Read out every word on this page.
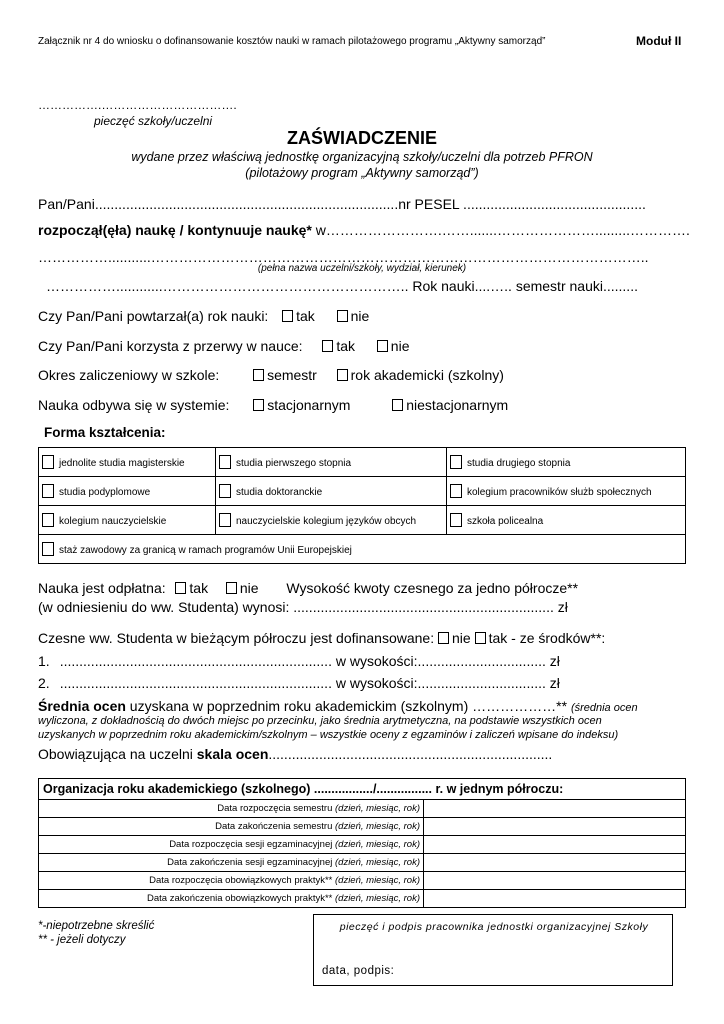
Załącznik nr 4 do wniosku o dofinansowanie kosztów nauki w ramach pilotażowego programu „Aktywny samorząd”	Moduł II
…………….…………………………….
pieczęć szkoły/uczelni
ZAŚWIADCZENIE
wydane przez właściwą jednostkę organizacyjną szkoły/uczelni dla potrzeb PFRON
(pilotażowy program „Aktywny samorząd”)
Pan/Pani..............................................................................nr PESEL ...............................................
rozpoczął(ęła) naukę / kontynuuje naukę* w…………………….…….......………………….........………….
……………...........……………………………………………………………………………………………..
(pełna nazwa uczelni/szkoły, wydział, kierunek)
……………............…………………………………………….. Rok nauki....….. semestr nauki.........
Czy Pan/Pani powtarzał(a) rok nauki: tak	nie
Czy Pan/Pani korzysta z przerwy w nauce: tak	nie
Okres zaliczeniowy w szkole:	semestr rok akademicki (szkolny)
Nauka odbywa się w systemie:	stacjonarnym	niestacjonarnym
Forma kształcenia:
jednolite studia magisterskie	studia pierwszego stopnia	studia drugiego stopnia
studia podyplomowe	studia doktoranckie	kolegium pracowników służb społecznych
kolegium nauczycielskie	nauczycielskie kolegium języków obcych	szkoła policealna
staż zawodowy za granicą w ramach programów Unii Europejskiej		
Nauka jest odpłatna: tak nie Wysokość kwoty czesnego za jedno półrocze**
(w odniesieniu do ww. Studenta) wynosi: ................................................................... zł
Czesne ww. Studenta w bieżącym półroczu jest dofinansowane: nie tak - ze środków**:
1. ...................................................................... w wysokości:................................. zł
2. ...................................................................... w wysokości:................................. zł
Średnia ocen uzyskana w poprzednim roku akademickim (szkolnym) ………………** (średnia ocen
wyliczona, z dokładnością do dwóch miejsc po przecinku, jako średnia arytmetyczna, na podstawie wszystkich ocen
uzyskanych w poprzednim roku akademickim/szkolnym – wszystkie oceny z egzaminów i zaliczeń wpisane do indeksu)
Obowiązująca na uczelni skala ocen.........................................................................
Organizacja roku akademickiego (szkolnego) ................./................ r. w jednym półroczu:	
Data rozpoczęcia semestru (dzień, miesiąc, rok)	
Data zakończenia semestru (dzień, miesiąc, rok)	
Data rozpoczęcia sesji egzaminacyjnej (dzień, miesiąc, rok)	
Data zakończenia sesji egzaminacyjnej (dzień, miesiąc, rok)	
Data rozpoczęcia obowiązkowych praktyk** (dzień, miesiąc, rok)	
Data zakończenia obowiązkowych praktyk** (dzień, miesiąc, rok)	
*-niepotrzebne skreślić
** - jeżeli dotyczy
pieczęć i podpis pracownika jednostki organizacyjnej Szkoły
data, podpis:
